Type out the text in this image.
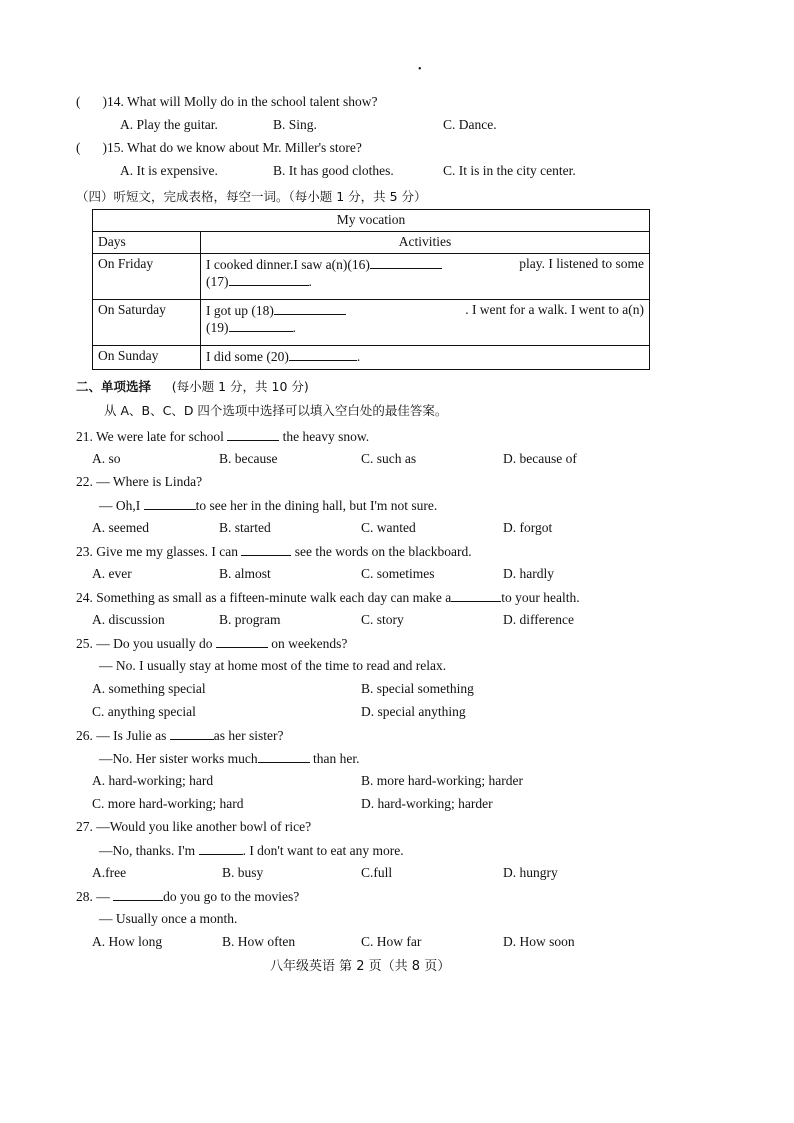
•
( )14. What will Molly do in the school talent show?
A. Play the guitar.	B. Sing.	C. Dance.
( )15. What do we know about Mr. Miller's store?
A. It is expensive.	B. It has good clothes.	C. It is in the city center.
（四）听短文，完成表格，每空一词。（每小题 1 分，共 5 分）
My vocation	
Days	Activities
On Friday	I cooked dinner.I saw a(n)(16) play. I listened to some
(17) .

On Saturday	I got up (18) . I went for a walk. I went to a(n)
(19) .

On Sunday	I did some (20) .
二、单项选择 (每小题 1 分，共 10 分)
从 A、B、C、D 四个选项中选择可以填入空白处的最佳答案。
21. We were late for school	the heavy snow.
A. so	B. because	C. such as	D. because of
22. — Where is Linda?
— Oh,I	to see her in the dining hall, but I'm not sure.
A. seemed	B. started	C. wanted	D. forgot
23. Give me my glasses. I can	see the words on the blackboard.
A. ever	B. almost	C. sometimes	D. hardly
24. Something as small as a fifteen-minute walk each day can make a	to your health.
A. discussion	B. program	C. story	D. difference
25. — Do you usually do	on weekends?
— No. I usually stay at home most of the time to read and relax.
A. something special	B. special something
C. anything special	D. special anything
26. — Is Julie as	as her sister?
—No. Her sister works much	than her.
A. hard-working; hard	B. more hard-working; harder
C. more hard-working; hard	D. hard-working; harder
27. —Would you like another bowl of rice?
—No, thanks. I'm	. I don't want to eat any more.
A.free	B. busy	C.full	D. hungry
28. —	do you go to the movies?
— Usually once a month.
A. How long	B. How often	C. How far	D. How soon
八年级英语 第 2 页（共 8 页）
